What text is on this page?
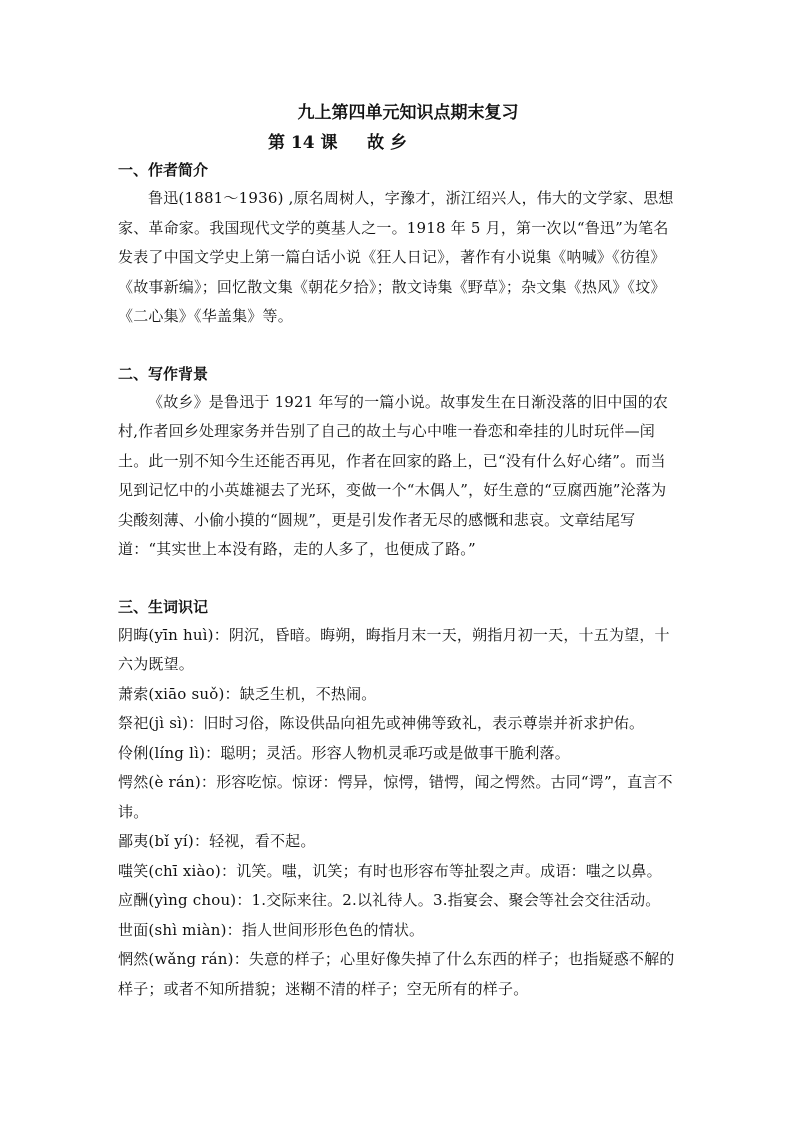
九上第四单元知识点期末复习

第 14 课 故 乡

一、作者简介

鲁迅(1881～1936) ,原名周树人，字豫才，浙江绍兴人，伟大的文学家、思想家、革命家。我国现代文学的奠基人之一。1918 年 5 月，第一次以“鲁迅”为笔名发表了中国文学史上第一篇白话小说《狂人日记》，著作有小说集《呐喊》《彷徨》《故事新编》；回忆散文集《朝花夕拾》；散文诗集《野草》；杂文集《热风》《坟》《二心集》《华盖集》等。

二、写作背景

《故乡》是鲁迅于 1921 年写的一篇小说。故事发生在日渐没落的旧中国的农村,作者回乡处理家务并告别了自己的故土与心中唯一眷恋和牵挂的儿时玩伴—闰土。此一别不知今生还能否再见，作者在回家的路上，已“没有什么好心绪”。而当见到记忆中的小英雄褪去了光环，变做一个“木偶人”，好生意的“豆腐西施”沦落为尖酸刻薄、小偷小摸的“圆规”，更是引发作者无尽的感慨和悲哀。文章结尾写道：“其实世上本没有路，走的人多了，也便成了路。”

三、生词识记

阴晦(yīn huì)：阴沉，昏暗。晦朔，晦指月末一天，朔指月初一天，十五为望，十六为既望。

萧索(xiāo suǒ)：缺乏生机，不热闹。

祭祀(jì sì)：旧时习俗，陈设供品向祖先或神佛等致礼，表示尊崇并祈求护佑。

伶俐(líng lì)：聪明；灵活。形容人物机灵乖巧或是做事干脆利落。

愕然(è rán)：形容吃惊。惊讶：愕异，惊愕，错愕，闻之愕然。古同“谔”，直言不讳。

鄙夷(bǐ yí)：轻视，看不起。

嗤笑(chī xiào)：讥笑。嗤，讥笑；有时也形容布等扯裂之声。成语：嗤之以鼻。

应酬(yìng chou)：1.交际来往。2.以礼待人。3.指宴会、聚会等社会交往活动。

世面(shì miàn)：指人世间形形色色的情状。

惘然(wǎng rán)：失意的样子；心里好像失掉了什么东西的样子；也指疑惑不解的样子；或者不知所措貌；迷糊不清的样子；空无所有的样子。
